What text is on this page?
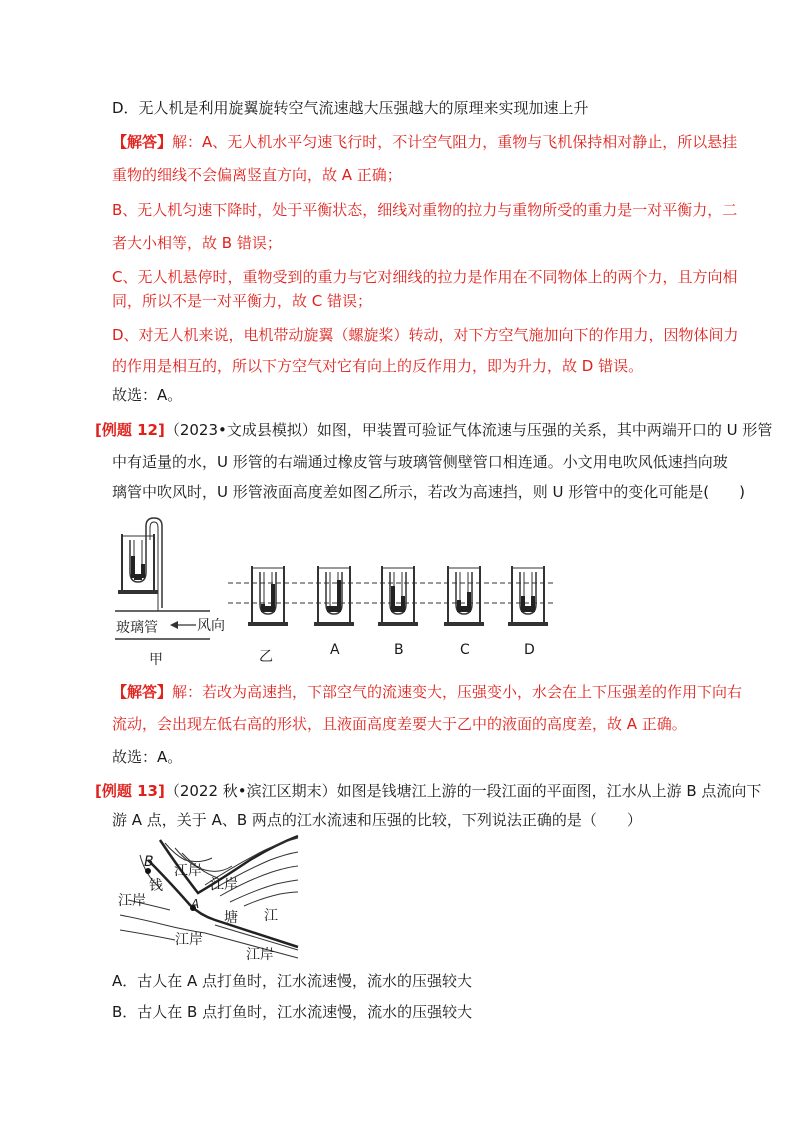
D．无人机是利用旋翼旋转空气流速越大压强越大的原理来实现加速上升
【解答】解：A、无人机水平匀速飞行时，不计空气阻力，重物与飞机保持相对静止，所以悬挂
重物的细线不会偏离竖直方向，故 A 正确；
B、无人机匀速下降时，处于平衡状态，细线对重物的拉力与重物所受的重力是一对平衡力，二
者大小相等，故 B 错误；
C、无人机悬停时，重物受到的重力与它对细线的拉力是作用在不同物体上的两个力，且方向相
同，所以不是一对平衡力，故 C 错误；
D、对无人机来说，电机带动旋翼（螺旋桨）转动，对下方空气施加向下的作用力，因物体间力
的作用是相互的，所以下方空气对它有向上的反作用力，即为升力，故 D 错误。
故选：A。
[例题 12]（2023•文成县模拟）如图，甲装置可验证气体流速与压强的关系，其中两端开口的 U 形管
中有适量的水，U 形管的右端通过橡皮管与玻璃管侧壁管口相连通。小文用电吹风低速挡向玻
璃管中吹风时，U 形管液面高度差如图乙所示，若改为高速挡，则 U 形管中的变化可能是(　　)
玻璃管	风向
甲	乙	A	B	C	D
【解答】解：若改为高速挡，下部空气的流速变大，压强变小，水会在上下压强差的作用下向右
流动，会出现左低右高的形状，且液面高度差要大于乙中的液面的高度差，故 A 正确。
故选：A。
[例题 13]（2022 秋•滨江区期末）如图是钱塘江上游的一段江面的平面图，江水从上游 B 点流向下
游 A 点，关于 A、B 两点的江水流速和压强的比较，下列说法正确的是（　　）
B
A
江岸
江岸
江岸
江岸
江岸
钱
塘 江
A．古人在 A 点打鱼时，江水流速慢，流水的压强较大
B．古人在 B 点打鱼时，江水流速慢，流水的压强较大
